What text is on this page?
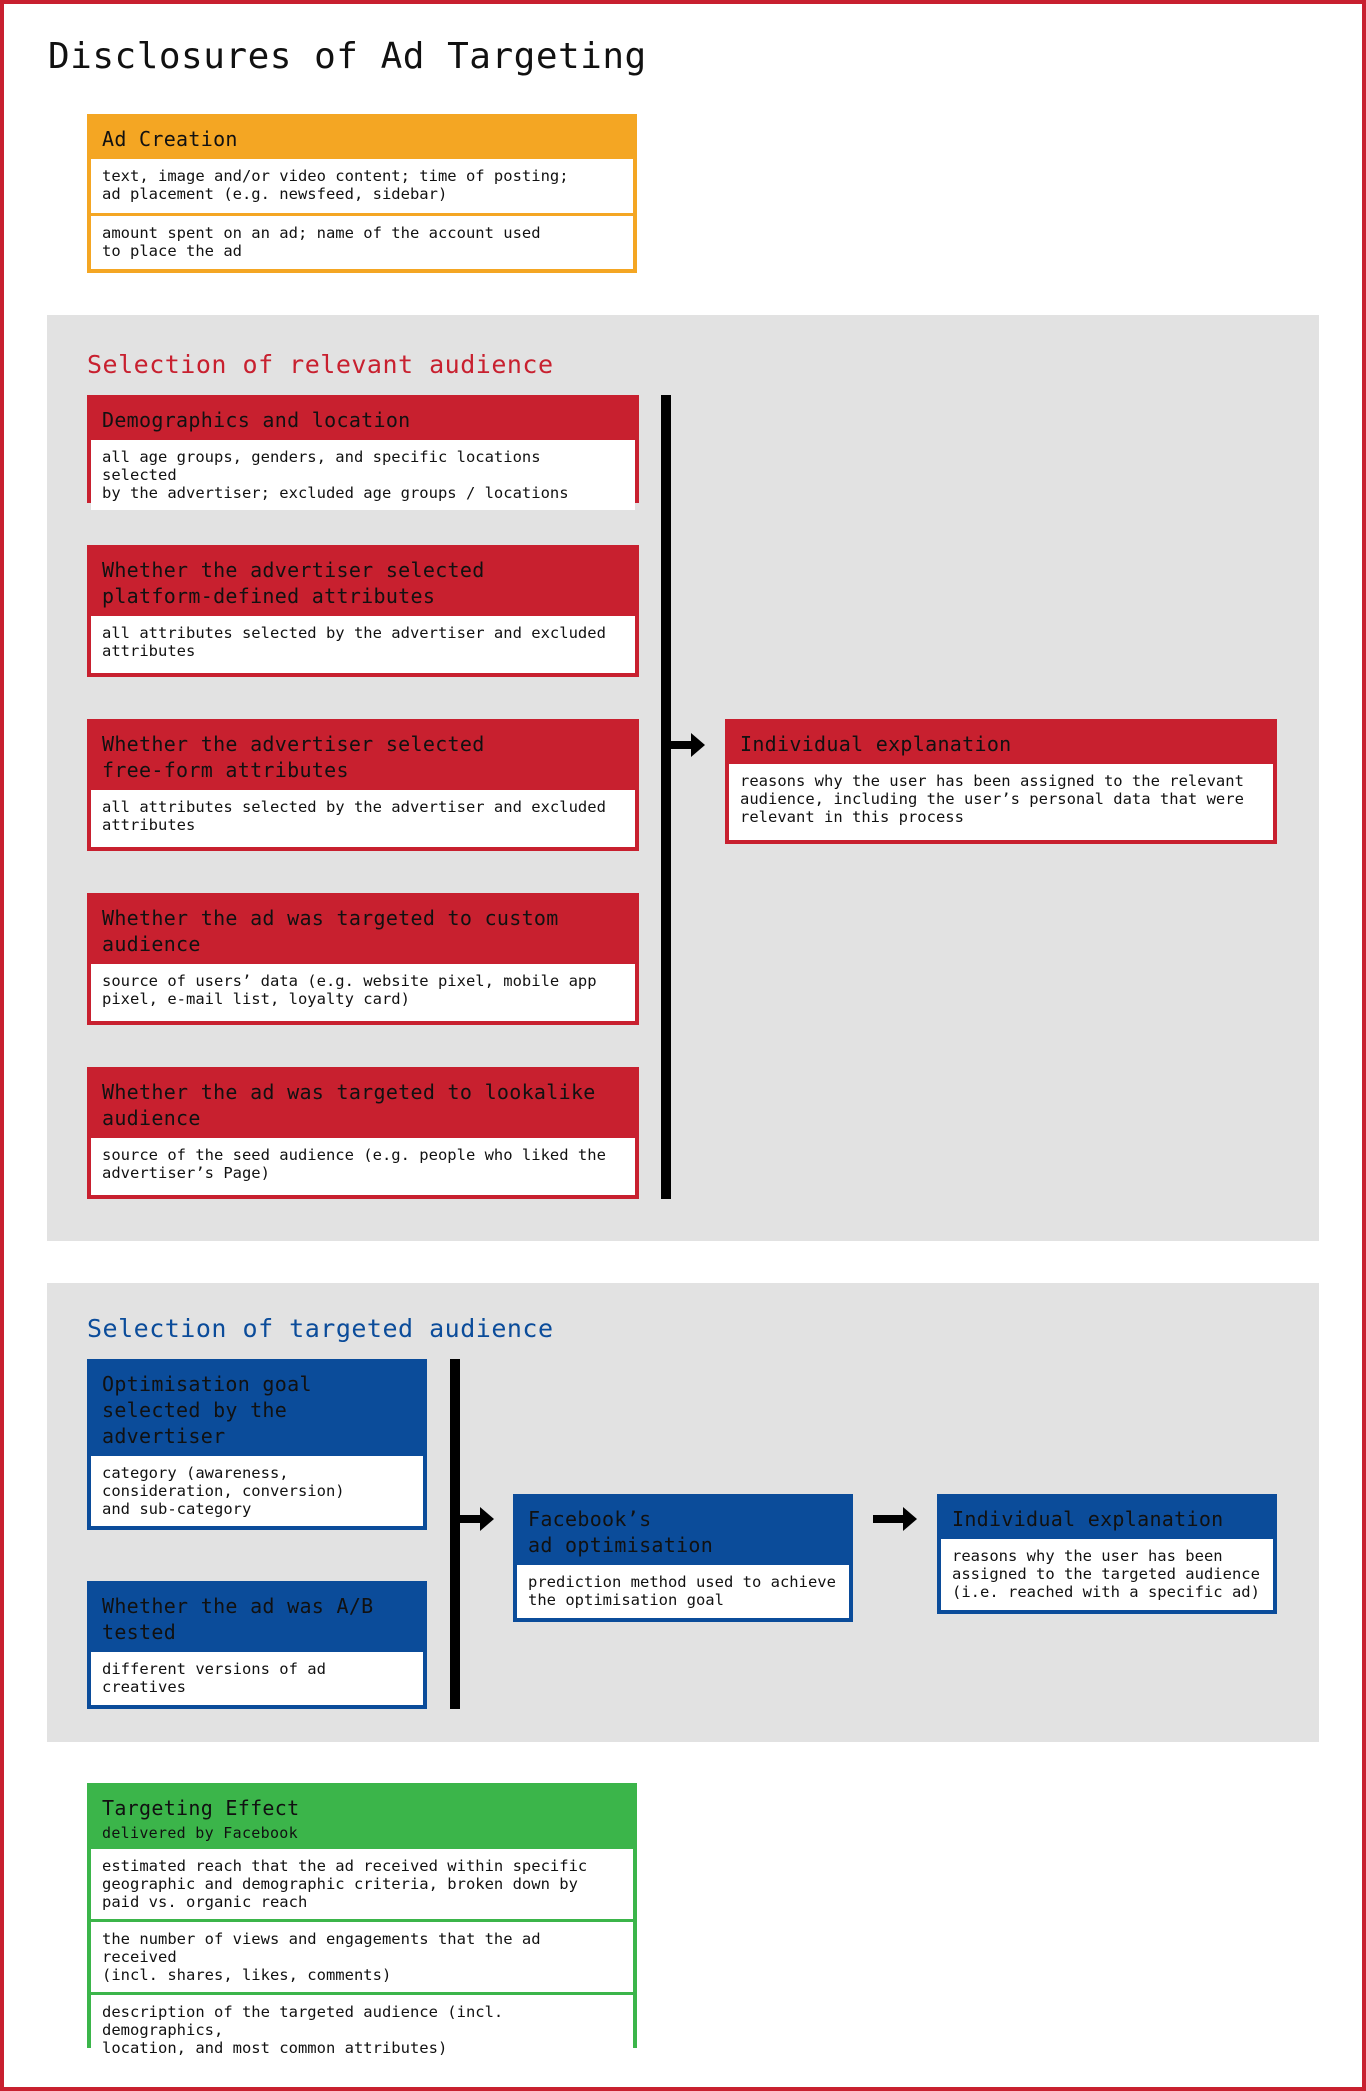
Disclosures of Ad Targeting
Ad Creation
text, image and/or video content; time of posting;
ad placement (e.g. newsfeed, sidebar)
amount spent on an ad; name of the account used
to place the ad
Selection of relevant audience
Demographics and location
all age groups, genders, and specific locations selected
by the advertiser; excluded age groups / locations
Whether the advertiser selected
platform-defined attributes
all attributes selected by the advertiser and excluded
attributes
Whether the advertiser selected
free-form attributes
all attributes selected by the advertiser and excluded
attributes
Whether the ad was targeted to custom
audience
source of users’ data (e.g. website pixel, mobile app
pixel, e-mail list, loyalty card)
Whether the ad was targeted to lookalike
audience
source of the seed audience (e.g. people who liked the
advertiser’s Page)
Individual explanation
reasons why the user has been assigned to the relevant
audience, including the user’s personal data that were
relevant in this process
Selection of targeted audience
Optimisation goal
selected by the
advertiser
category (awareness,
consideration, conversion)
and sub-category
Whether the ad was A/B
tested
different versions of ad
creatives
Facebook’s
ad optimisation
prediction method used to achieve
the optimisation goal
Individual explanation
reasons why the user has been
assigned to the targeted audience
(i.e. reached with a specific ad)
Targeting Effect
delivered by Facebook
estimated reach that the ad received within specific
geographic and demographic criteria, broken down by
paid vs. organic reach
the number of views and engagements that the ad received
(incl. shares, likes, comments)
description of the targeted audience (incl. demographics,
location, and most common attributes)
